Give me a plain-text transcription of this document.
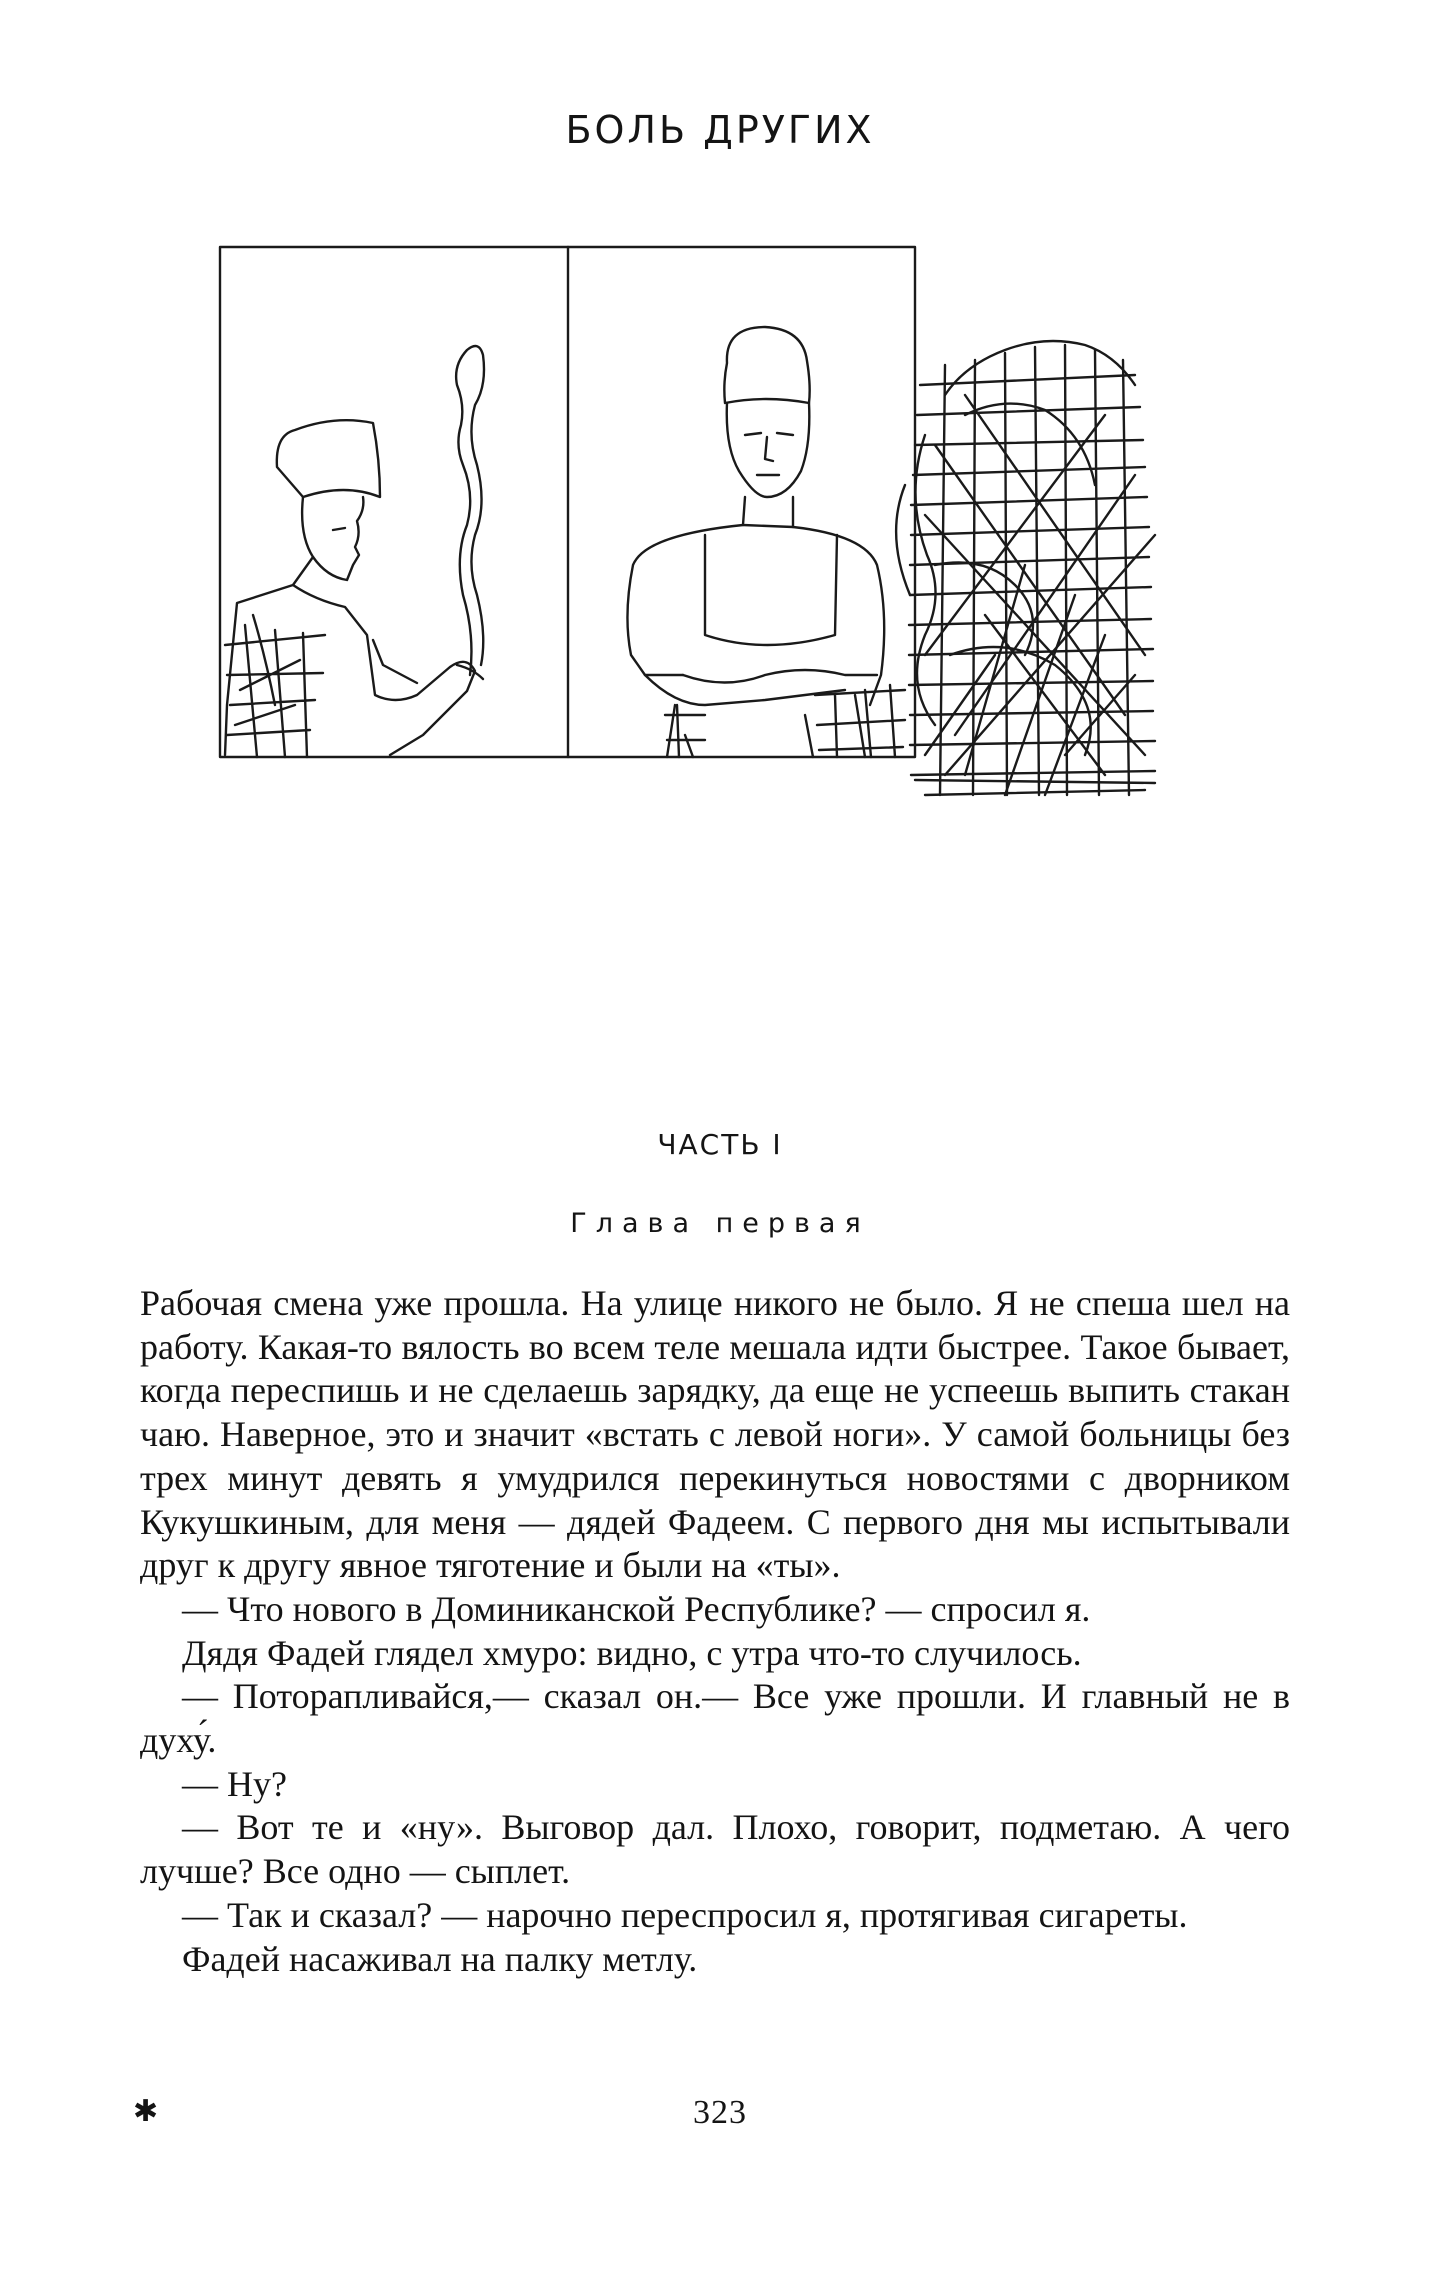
БОЛЬ ДРУГИХ
ЧАСТЬ I
Глава первая

Рабочая смена уже прошла. На улице никого не было. Я не спеша шел на работу. Какая-то вялость во всем теле мешала идти быстрее. Такое бывает, когда переспишь и не сделаешь зарядку, да еще не успеешь выпить стакан чаю. Наверное, это и значит «встать с левой ноги». У самой больницы без трех минут девять я умудрился перекинуться новостями с дворником Кукушкиным, для меня — дядей Фадеем. С первого дня мы испытывали друг к другу явное тяготение и были на «ты».

— Что нового в Доминиканской Республике? — спросил я.

Дядя Фадей глядел хмуро: видно, с утра что-то случилось.

— Поторапливайся,— сказал он.— Все уже прошли. И главный не в духу́.

— Ну?

— Вот те и «ну». Выговор дал. Плохо, говорит, подметаю. А чего лучше? Все одно — сыплет.

— Так и сказал? — нарочно переспросил я, протягивая сигареты.

Фадей насаживал на палку метлу.

✱	323
